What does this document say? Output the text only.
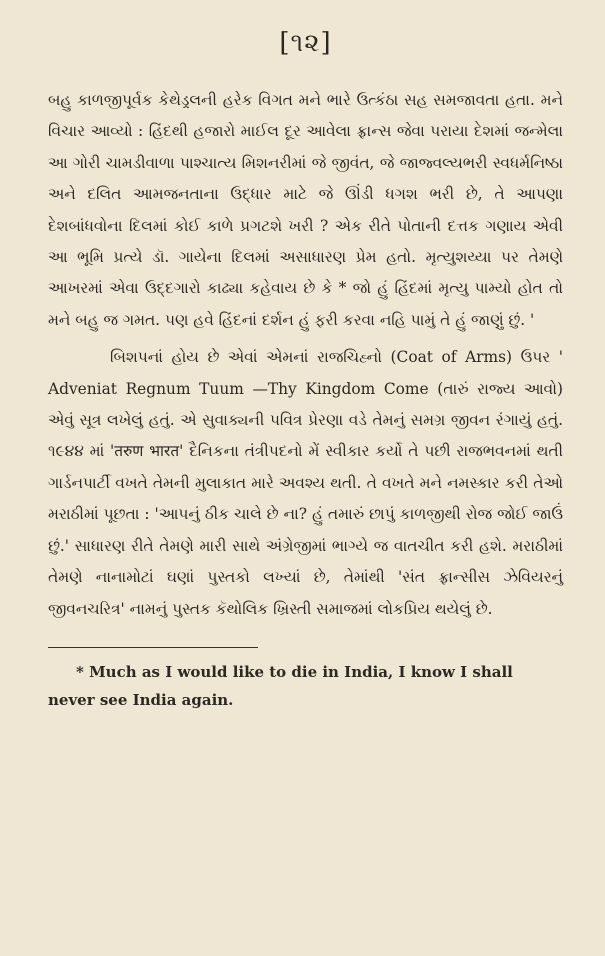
[૧૨]

બહુ કાળજીપૂર્વક કેથેડ્રલની હરેક વિગત મને ભારે ઉત્કંઠા સહ સમજાવતા હતા. મને વિચાર આવ્યો : હિંદથી હજારો માઈલ દૂર આવેલા ફ્રાન્સ જેવા પરાયા દેશમાં જન્મેલા આ ગોરી ચામડીવાળા પાશ્ચાત્ય મિશનરીમાં જે જીવંત, જે જાજ્વલ્યભરી સ્વધર્મનિષ્ઠા અને દલિત આમજનતાના ઉદ્ધાર માટે જે ઊંડી ધગશ ભરી છે, તે આપણા દેશબાંધવોના દિલમાં કોઈ કાળે પ્રગટશે ખરી ? એક રીતે પોતાની દત્તક ગણાય એવી આ ભૂમિ પ્રત્યે ડૉ. ગાયેના દિલમાં અસાધારણ પ્રેમ હતો. મૃત્યુશય્યા પર તેમણે આખરમાં એવા ઉદ્દગારો કાઢ્યા કહેવાય છે કે * જો હું હિંદમાં મૃત્યુ પામ્યો હોત તો મને બહુ જ ગમત. પણ હવે હિંદનાં દર્શન હું ફરી કરવા નહિ પામું તે હું જાણું છું. '

બિશપનાં હોય છે એવાં એમનાં રાજચિહ્નો (Coat of Arms) ઉપર ' Adveniat Regnum Tuum —Thy Kingdom Come (તારું રાજ્ય આવો) એવું સૂત્ર લખેલું હતું. એ સુવાક્યની પવિત્ર પ્રેરણા વડે તેમનું સમગ્ર જીવન રંગાયું હતું. ૧૯૪૪ માં 'तरुण भारत' દૈનિકના તંત્રીપદનો મેં સ્વીકાર કર્યો તે પછી રાજભવનમાં થતી ગાર્ડનપાર્ટી વખતે તેમની મુલાકાત મારે અવશ્ય થતી. તે વખતે મને નમસ્કાર કરી તેઓ મરાઠીમાં પૂછતા : 'આપનું ઠીક ચાલે છે ના? હું તમારું છાપું કાળજીથી રોજ જોઈ જાઉં છું.' સાધારણ રીતે તેમણે મારી સાથે અંગ્રેજીમાં ભાગ્યે જ વાતચીત કરી હશે. મરાઠીમાં તેમણે નાનામોટાં ઘણાં પુસ્તકો લખ્યાં છે, તેમાંથી 'સંત ફ્રાન્સીસ ઝેવિયરનું જીવનચરિત્ર' નામનું પુસ્તક કૅથોલિક ખ્રિસ્તી સમાજમાં લોકપ્રિય થયેલું છે.

* Much as I would like to die in India, I know I shall never see India again.
